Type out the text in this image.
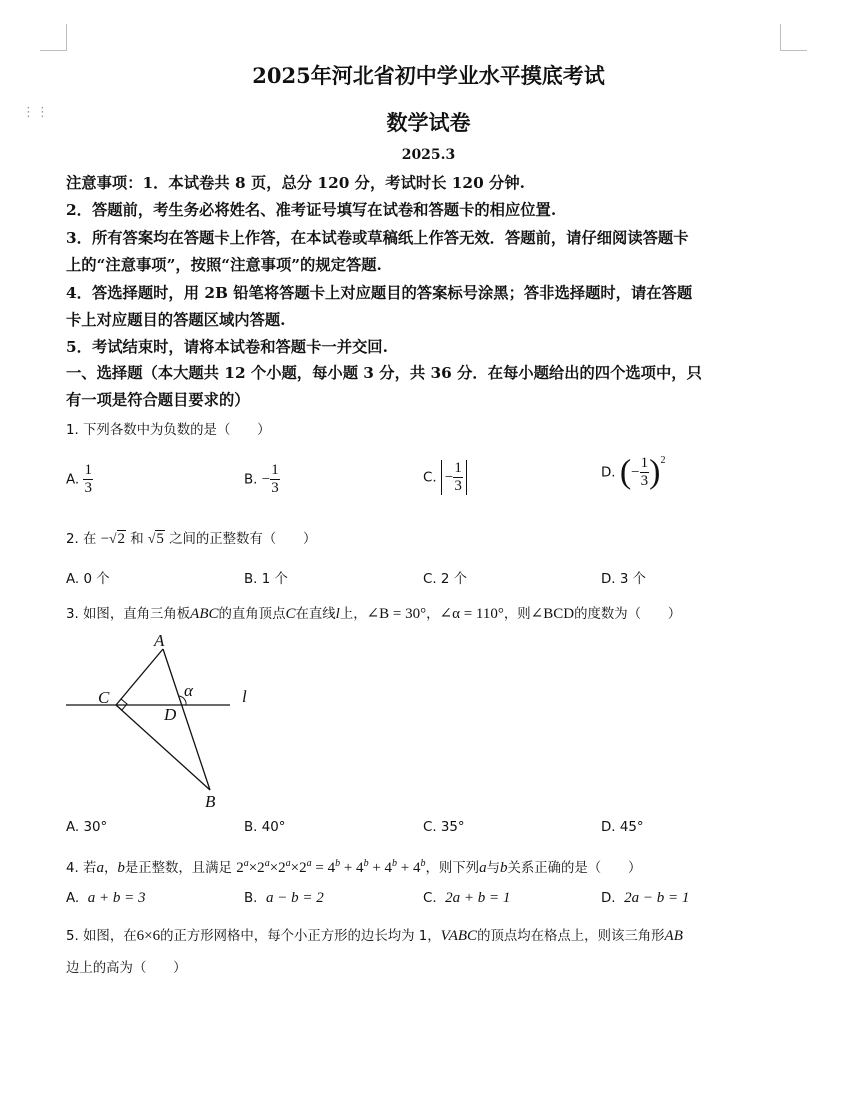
⋮⋮
2025年河北省初中学业水平摸底考试
数学试卷
2025.3
注意事项：1．本试卷共 8 页，总分 120 分，考试时长 120 分钟.
2．答题前，考生务必将姓名、准考证号填写在试卷和答题卡的相应位置.
3．所有答案均在答题卡上作答，在本试卷或草稿纸上作答无效．答题前，请仔细阅读答题卡
上的“注意事项”，按照“注意事项”的规定答题.
4．答选择题时，用 2B 铅笔将答题卡上对应题目的答案标号涂黑；答非选择题时，请在答题
卡上对应题目的答题区域内答题.
5．考试结束时，请将本试卷和答题卡一并交回.
一、选择题（本大题共 12 个小题，每小题 3 分，共 36 分．在每小题给出的四个选项中，只
有一项是符合题目要求的）
1. 下列各数中为负数的是（　　）
A. $\frac{1}{3}$	B. − $\frac{1}{3}$	C. − $\frac{1}{3}$	D. (− $\frac{1}{3} )^2$
2. 在 −√2 和 √5 之间的正整数有（　　）
A. 0 个	B. 1 个	C. 2 个	D. 3 个
3. 如图，直角三角板ABC的直角顶点C在直线l上，∠B = 30°，∠α = 110°，则∠BCD的度数为（　　）
A
C
D
α	l
B
A. 30°	B. 40°	C. 35°	D. 45°
4. 若a，b是正整数，且满足 $2^a\times 2^a\times 2^a\times 2^a = 4^b + 4^b + 4^b + 4^b$，则下列a与b关系正确的是（　　）
A. a + b = 3	B. a − b = 2	C. 2a + b = 1	D. 2a − b = 1
5. 如图，在6×6的正方形网格中，每个小正方形的边长均为 1，VABC的顶点均在格点上，则该三角形AB
边上的高为（　　）
